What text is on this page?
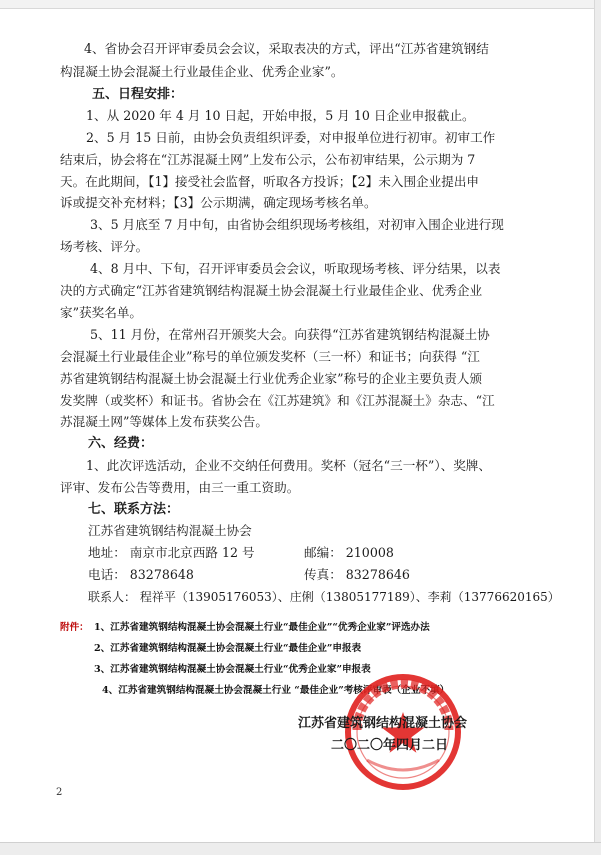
4、省协会召开评审委员会会议，采取表决的方式，评出“江苏省建筑钢结
构混凝土协会混凝土行业最佳企业、优秀企业家”。
五、日程安排：
1、从 2020 年 4 月 10 日起，开始申报，5 月 10 日企业申报截止。
2、5 月 15 日前，由协会负责组织评委，对申报单位进行初审。初审工作
结束后，协会将在“江苏混凝土网”上发布公示，公布初审结果，公示期为 7
天。在此期间，【1】接受社会监督，听取各方投诉；【2】未入围企业提出申
诉或提交补充材料；【3】公示期满，确定现场考核名单。
3、5 月底至 7 月中旬，由省协会组织现场考核组，对初审入围企业进行现
场考核、评分。
4、8 月中、下旬，召开评审委员会会议，听取现场考核、评分结果，以表
决的方式确定“江苏省建筑钢结构混凝土协会混凝土行业最佳企业、优秀企业
家”获奖名单。
5、11 月份，在常州召开颁奖大会。向获得“江苏省建筑钢结构混凝土协
会混凝土行业最佳企业”称号的单位颁发奖杯（三一杯）和证书；向获得 “江
苏省建筑钢结构混凝土协会混凝土行业优秀企业家”称号的企业主要负责人颁
发奖牌（或奖杯）和证书。省协会在《江苏建筑》和《江苏混凝土》杂志、“江
苏混凝土网”等媒体上发布获奖公告。
六、经费：
1、此次评选活动，企业不交纳任何费用。奖杯（冠名“三一杯”）、奖牌、
评审、发布公告等费用，由三一重工资助。
七、联系方法：
江苏省建筑钢结构混凝土协会
地址： 南京市北京西路 12 号	邮编： 210008
电话： 83278648	传真： 83278646
联系人： 程祥平（13905176053）、庄俐（13805177189）、李莉（13776620165）
附件： 1、江苏省建筑钢结构混凝土协会混凝土行业“最佳企业”“优秀企业家”评选办法
2、江苏省建筑钢结构混凝土协会混凝土行业“最佳企业”申报表
3、江苏省建筑钢结构混凝土协会混凝土行业“优秀企业家”申报表
4、江苏省建筑钢结构混凝土协会混凝土行业 “最佳企业”考核评审表（企业不填）
江苏省建筑钢结构混凝土协会
二〇二〇年四月二日
2
